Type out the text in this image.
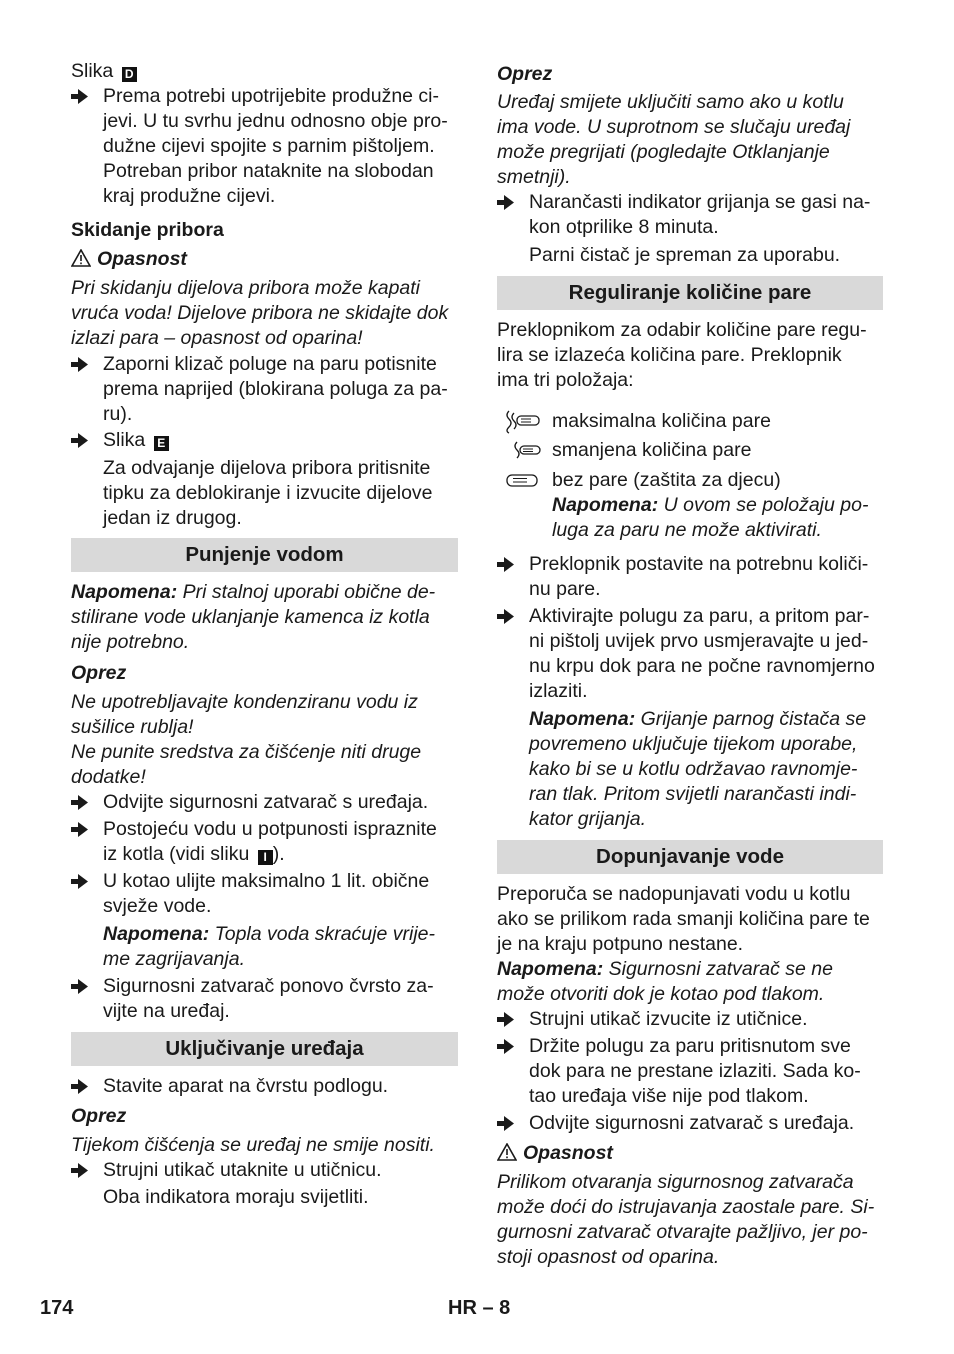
Slika D
Prema potrebi upotrijebite produžne ci-
jevi. U tu svrhu jednu odnosno obje pro-
dužne cijevi spojite s parnim pištoljem.
Potreban pribor nataknite na slobodan
kraj produžne cijevi.
Skidanje pribora
Opasnost
Pri skidanju dijelova pribora može kapati
vruća voda! Dijelove pribora ne skidajte dok
izlazi para – opasnost od oparina!
Zaporni klizač poluge na paru potisnite
prema naprijed (blokirana poluga za pa-
ru).
Slika E
Za odvajanje dijelova pribora pritisnite
tipku za deblokiranje i izvucite dijelove
jedan iz drugog.
Punjenje vodom
Napomena: Pri stalnoj uporabi obične de-
stilirane vode uklanjanje kamenca iz kotla
nije potrebno.
Oprez
Ne upotrebljavajte kondenziranu vodu iz
sušilice rublja!
Ne punite sredstva za čišćenje niti druge
dodatke!
Odvijte sigurnosni zatvarač s uređaja.
Postojeću vodu u potpunosti ispraznite
iz kotla (vidi sliku I ).
U kotao ulijte maksimalno 1 lit. obične
svježe vode.
Napomena: Topla voda skraćuje vrije-
me zagrijavanja.
Sigurnosni zatvarač ponovo čvrsto za-
vijte na uređaj.
Uključivanje uređaja
Stavite aparat na čvrstu podlogu.
Oprez
Tijekom čišćenja se uređaj ne smije nositi.
Strujni utikač utaknite u utičnicu.
Oba indikatora moraju svijetliti.
Oprez
Uređaj smijete uključiti samo ako u kotlu
ima vode. U suprotnom se slučaju uređaj
može pregrijati (pogledajte Otklanjanje
smetnji).
Narančasti indikator grijanja se gasi na-
kon otprilike 8 minuta.
Parni čistač je spreman za uporabu.
Reguliranje količine pare
Preklopnikom za odabir količine pare regu-
lira se izlazeća količina pare. Preklopnik
ima tri položaja:
maksimalna količina pare
smanjena količina pare
bez pare (zaštita za djecu)
Napomena: U ovom se položaju po-
luga za paru ne može aktivirati.
Preklopnik postavite na potrebnu količi-
nu pare.
Aktivirajte polugu za paru, a pritom par-
ni pištolj uvijek prvo usmjeravajte u jed-
nu krpu dok para ne počne ravnomjerno
izlaziti.
Napomena: Grijanje parnog čistača se
povremeno uključuje tijekom uporabe,
kako bi se u kotlu održavao ravnomje-
ran tlak. Pritom svijetli narančasti indi-
kator grijanja.
Dopunjavanje vode
Preporuča se nadopunjavati vodu u kotlu
ako se prilikom rada smanji količina pare te
je na kraju potpuno nestane.
Napomena: Sigurnosni zatvarač se ne
može otvoriti dok je kotao pod tlakom.
Strujni utikač izvucite iz utičnice.
Držite polugu za paru pritisnutom sve
dok para ne prestane izlaziti. Sada ko-
tao uređaja više nije pod tlakom.
Odvijte sigurnosni zatvarač s uređaja.
Opasnost
Prilikom otvaranja sigurnosnog zatvarača
može doći do istrujavanja zaostale pare. Si-
gurnosni zatvarač otvarajte pažljivo, jer po-
stoji opasnost od oparina.
174	HR – 8
